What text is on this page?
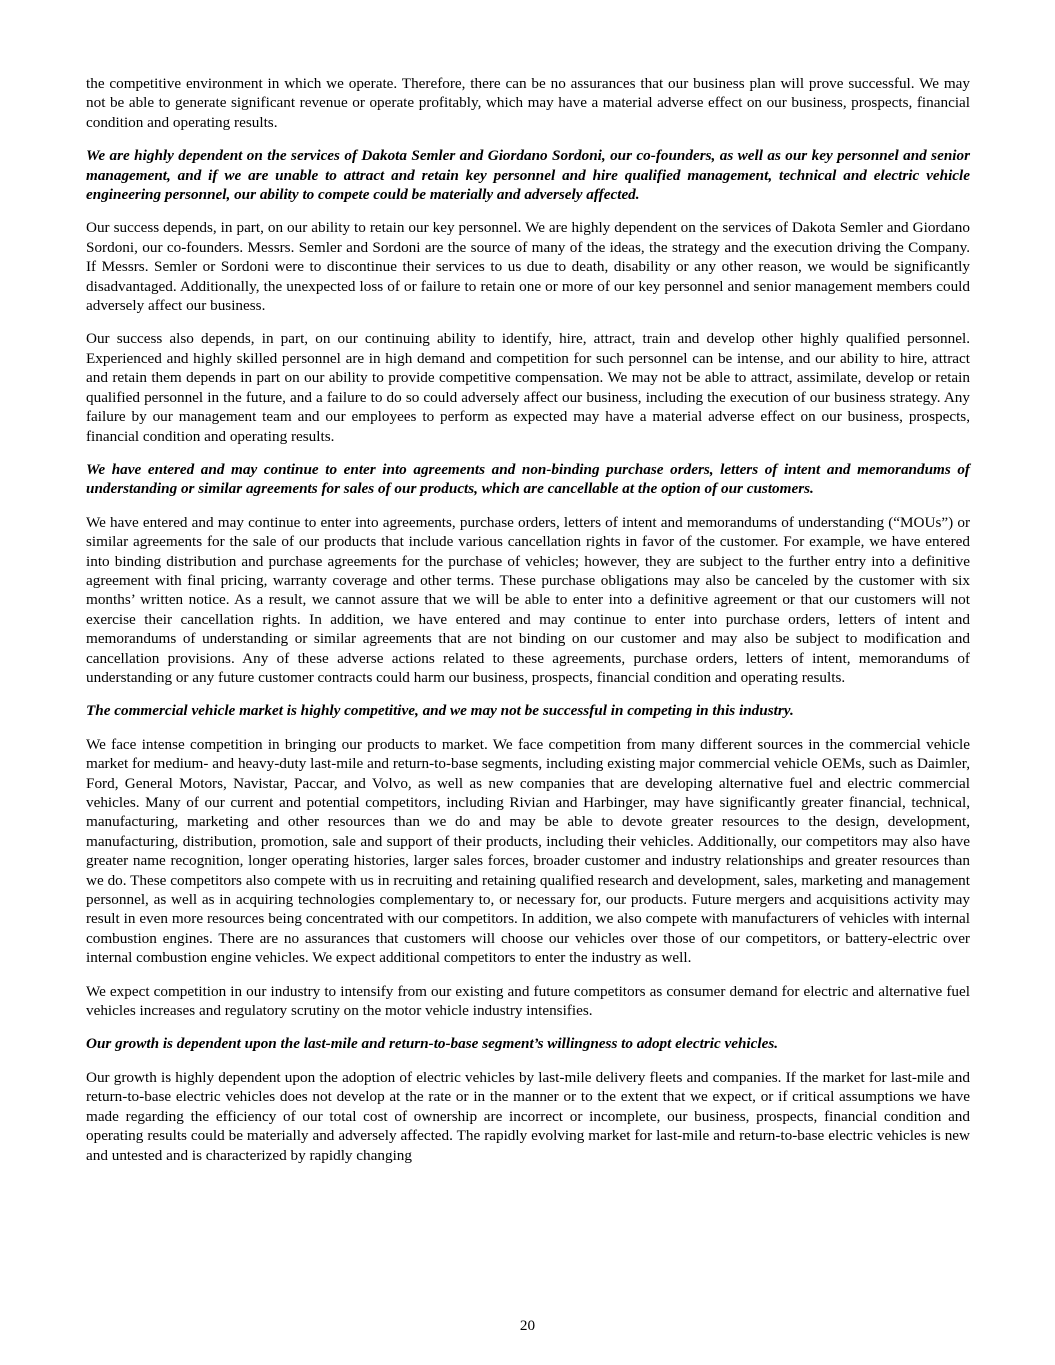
the competitive environment in which we operate. Therefore, there can be no assurances that our business plan will prove successful. We may not be able to generate significant revenue or operate profitably, which may have a material adverse effect on our business, prospects, financial condition and operating results.

We are highly dependent on the services of Dakota Semler and Giordano Sordoni, our co-founders, as well as our key personnel and senior management, and if we are unable to attract and retain key personnel and hire qualified management, technical and electric vehicle engineering personnel, our ability to compete could be materially and adversely affected.

Our success depends, in part, on our ability to retain our key personnel. We are highly dependent on the services of Dakota Semler and Giordano Sordoni, our co-founders. Messrs. Semler and Sordoni are the source of many of the ideas, the strategy and the execution driving the Company. If Messrs. Semler or Sordoni were to discontinue their services to us due to death, disability or any other reason, we would be significantly disadvantaged. Additionally, the unexpected loss of or failure to retain one or more of our key personnel and senior management members could adversely affect our business.

Our success also depends, in part, on our continuing ability to identify, hire, attract, train and develop other highly qualified personnel. Experienced and highly skilled personnel are in high demand and competition for such personnel can be intense, and our ability to hire, attract and retain them depends in part on our ability to provide competitive compensation. We may not be able to attract, assimilate, develop or retain qualified personnel in the future, and a failure to do so could adversely affect our business, including the execution of our business strategy. Any failure by our management team and our employees to perform as expected may have a material adverse effect on our business, prospects, financial condition and operating results.

We have entered and may continue to enter into agreements and non-binding purchase orders, letters of intent and memorandums of understanding or similar agreements for sales of our products, which are cancellable at the option of our customers.

We have entered and may continue to enter into agreements, purchase orders, letters of intent and memorandums of understanding (“MOUs”) or similar agreements for the sale of our products that include various cancellation rights in favor of the customer. For example, we have entered into binding distribution and purchase agreements for the purchase of vehicles; however, they are subject to the further entry into a definitive agreement with final pricing, warranty coverage and other terms. These purchase obligations may also be canceled by the customer with six months’ written notice. As a result, we cannot assure that we will be able to enter into a definitive agreement or that our customers will not exercise their cancellation rights. In addition, we have entered and may continue to enter into purchase orders, letters of intent and memorandums of understanding or similar agreements that are not binding on our customer and may also be subject to modification and cancellation provisions. Any of these adverse actions related to these agreements, purchase orders, letters of intent, memorandums of understanding or any future customer contracts could harm our business, prospects, financial condition and operating results.

The commercial vehicle market is highly competitive, and we may not be successful in competing in this industry.

We face intense competition in bringing our products to market. We face competition from many different sources in the commercial vehicle market for medium- and heavy-duty last-mile and return-to-base segments, including existing major commercial vehicle OEMs, such as Daimler, Ford, General Motors, Navistar, Paccar, and Volvo, as well as new companies that are developing alternative fuel and electric commercial vehicles. Many of our current and potential competitors, including Rivian and Harbinger, may have significantly greater financial, technical, manufacturing, marketing and other resources than we do and may be able to devote greater resources to the design, development, manufacturing, distribution, promotion, sale and support of their products, including their vehicles. Additionally, our competitors may also have greater name recognition, longer operating histories, larger sales forces, broader customer and industry relationships and greater resources than we do. These competitors also compete with us in recruiting and retaining qualified research and development, sales, marketing and management personnel, as well as in acquiring technologies complementary to, or necessary for, our products. Future mergers and acquisitions activity may result in even more resources being concentrated with our competitors. In addition, we also compete with manufacturers of vehicles with internal combustion engines. There are no assurances that customers will choose our vehicles over those of our competitors, or battery-electric over internal combustion engine vehicles. We expect additional competitors to enter the industry as well.

We expect competition in our industry to intensify from our existing and future competitors as consumer demand for electric and alternative fuel vehicles increases and regulatory scrutiny on the motor vehicle industry intensifies.

Our growth is dependent upon the last-mile and return-to-base segment’s willingness to adopt electric vehicles.

Our growth is highly dependent upon the adoption of electric vehicles by last-mile delivery fleets and companies. If the market for last-mile and return-to-base electric vehicles does not develop at the rate or in the manner or to the extent that we expect, or if critical assumptions we have made regarding the efficiency of our total cost of ownership are incorrect or incomplete, our business, prospects, financial condition and operating results could be materially and adversely affected. The rapidly evolving market for last-mile and return-to-base electric vehicles is new and untested and is characterized by rapidly changing

20
